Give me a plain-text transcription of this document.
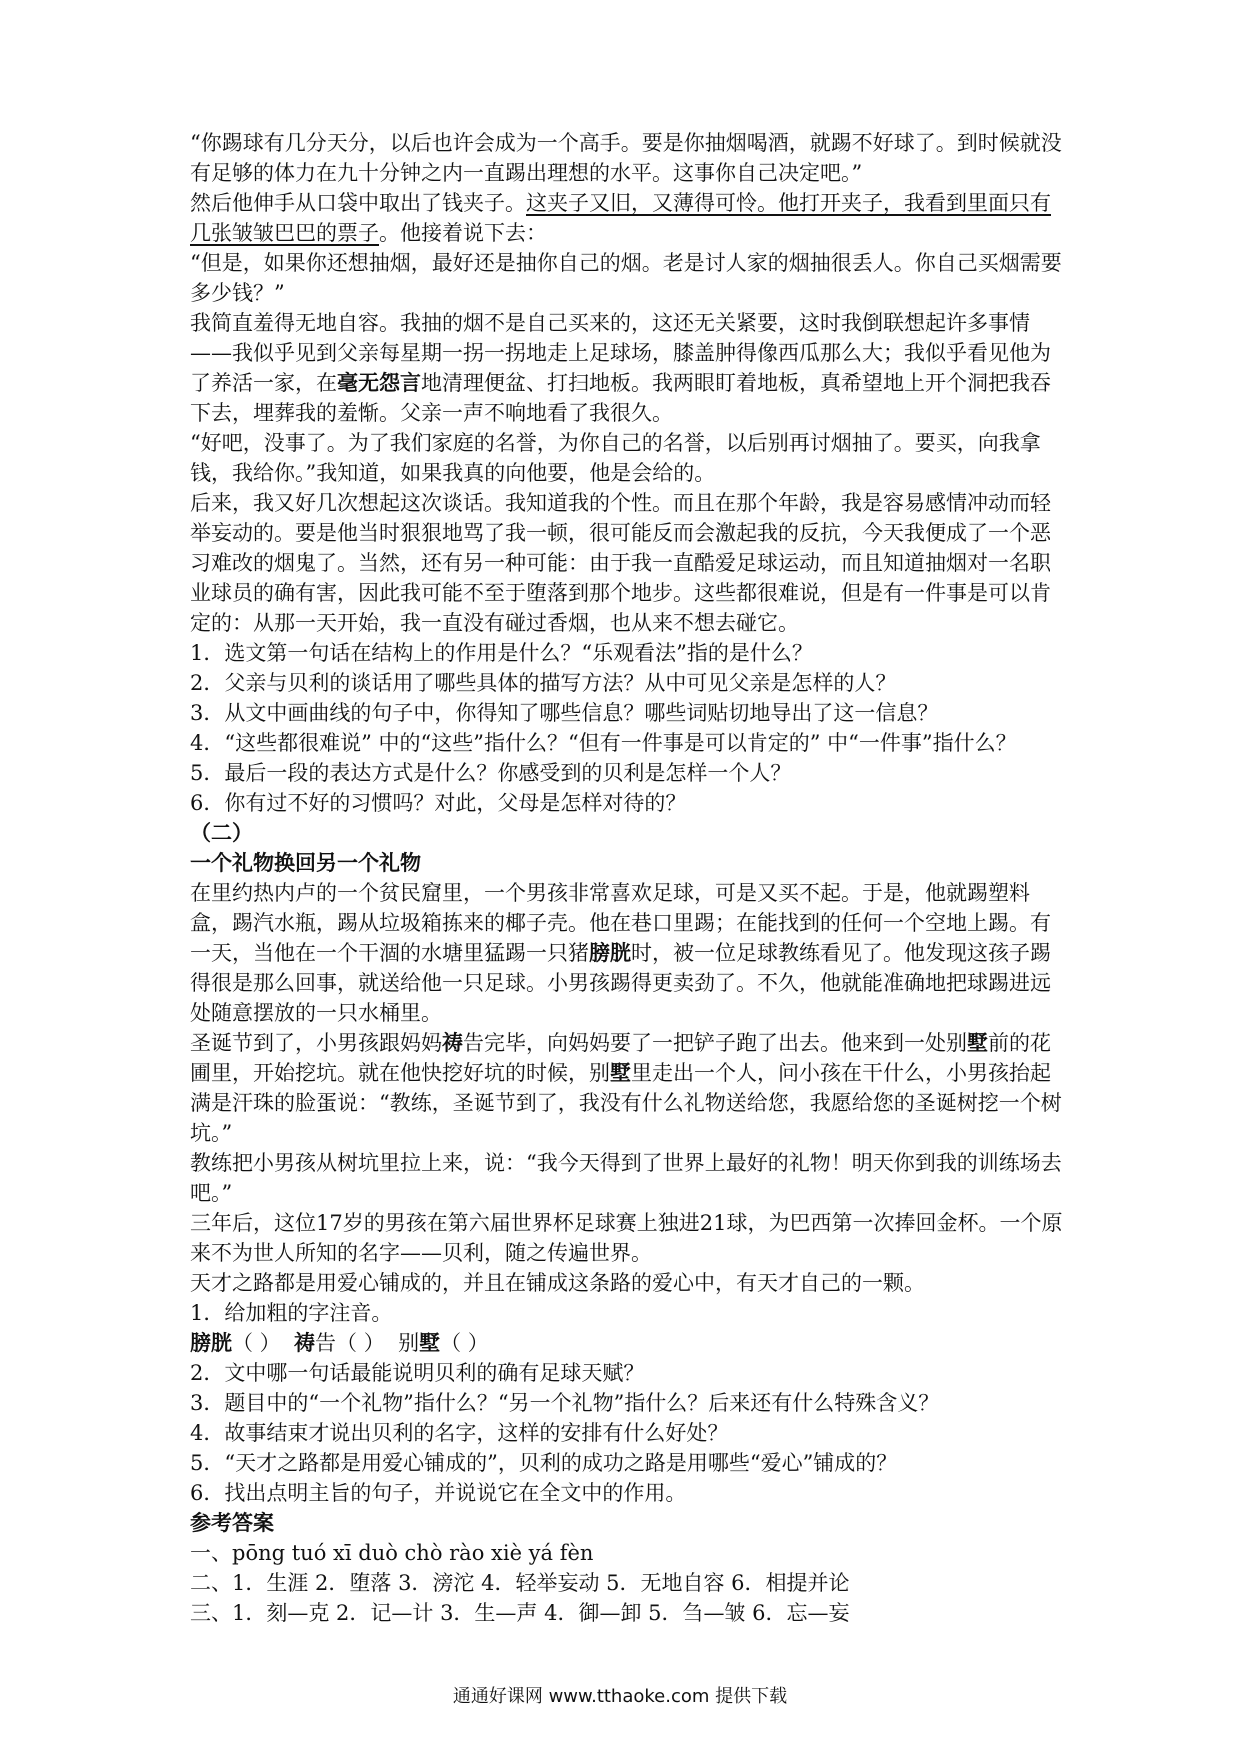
“你踢球有几分天分，以后也许会成为一个高手。要是你抽烟喝酒，就踢不好球了。到时候就没有足够的体力在九十分钟之内一直踢出理想的水平。这事你自己决定吧。”

然后他伸手从口袋中取出了钱夹子。这夹子又旧，又薄得可怜。他打开夹子，我看到里面只有几张皱皱巴巴的票子。他接着说下去：

“但是，如果你还想抽烟，最好还是抽你自己的烟。老是讨人家的烟抽很丢人。你自己买烟需要多少钱？”

我简直羞得无地自容。我抽的烟不是自己买来的，这还无关紧要，这时我倒联想起许多事情——我似乎见到父亲每星期一拐一拐地走上足球场，膝盖肿得像西瓜那么大；我似乎看见他为了养活一家，在毫无怨言地清理便盆、打扫地板。我两眼盯着地板，真希望地上开个洞把我吞下去，埋葬我的羞惭。父亲一声不响地看了我很久。

“好吧，没事了。为了我们家庭的名誉，为你自己的名誉，以后别再讨烟抽了。要买，向我拿钱，我给你。”我知道，如果我真的向他要，他是会给的。

后来，我又好几次想起这次谈话。我知道我的个性。而且在那个年龄，我是容易感情冲动而轻举妄动的。要是他当时狠狠地骂了我一顿，很可能反而会激起我的反抗，今天我便成了一个恶习难改的烟鬼了。当然，还有另一种可能：由于我一直酷爱足球运动，而且知道抽烟对一名职业球员的确有害，因此我可能不至于堕落到那个地步。这些都很难说，但是有一件事是可以肯定的：从那一天开始，我一直没有碰过香烟，也从来不想去碰它。

1．选文第一句话在结构上的作用是什么？“乐观看法”指的是什么？

2．父亲与贝利的谈话用了哪些具体的描写方法？从中可见父亲是怎样的人？

3．从文中画曲线的句子中，你得知了哪些信息？哪些词贴切地导出了这一信息？

4．“这些都很难说” 中的“这些”指什么？“但有一件事是可以肯定的” 中“一件事”指什么？

5．最后一段的表达方式是什么？你感受到的贝利是怎样一个人？

6．你有过不好的习惯吗？对此，父母是怎样对待的？

（二）

一个礼物换回另一个礼物

在里约热内卢的一个贫民窟里，一个男孩非常喜欢足球，可是又买不起。于是，他就踢塑料盒，踢汽水瓶，踢从垃圾箱拣来的椰子壳。他在巷口里踢；在能找到的任何一个空地上踢。有一天，当他在一个干涸的水塘里猛踢一只猪膀胱时，被一位足球教练看见了。他发现这孩子踢得很是那么回事，就送给他一只足球。小男孩踢得更卖劲了。不久，他就能准确地把球踢进远处随意摆放的一只水桶里。

圣诞节到了，小男孩跟妈妈祷告完毕，向妈妈要了一把铲子跑了出去。他来到一处别墅前的花圃里，开始挖坑。就在他快挖好坑的时候，别墅里走出一个人，问小孩在干什么，小男孩抬起满是汗珠的脸蛋说：“教练，圣诞节到了，我没有什么礼物送给您，我愿给您的圣诞树挖一个树坑。”

教练把小男孩从树坑里拉上来，说：“我今天得到了世界上最好的礼物！明天你到我的训练场去吧。”

三年后，这位17岁的男孩在第六届世界杯足球赛上独进21球，为巴西第一次捧回金杯。一个原来不为世人所知的名字——贝利，随之传遍世界。

天才之路都是用爱心铺成的，并且在铺成这条路的爱心中，有天才自己的一颗。

1．给加粗的字注音。

膀胱（ ） 祷告（ ） 别墅（ ）

2．文中哪一句话最能说明贝利的确有足球天赋？

3．题目中的“一个礼物”指什么？“另一个礼物”指什么？后来还有什么特殊含义？

4．故事结束才说出贝利的名字，这样的安排有什么好处？

5．“天才之路都是用爱心铺成的”，贝利的成功之路是用哪些“爱心”铺成的？

6．找出点明主旨的句子，并说说它在全文中的作用。

参考答案

一、pōng tuó xī duò chò rào xiè yá fèn

二、1．生涯 2．堕落 3．滂沱 4．轻举妄动 5．无地自容 6．相提并论

三、1．刻—克 2．记—计 3．生—声 4．御—卸 5．刍—皱 6．忘—妄

通通好课网 www.tthaoke.com 提供下载
